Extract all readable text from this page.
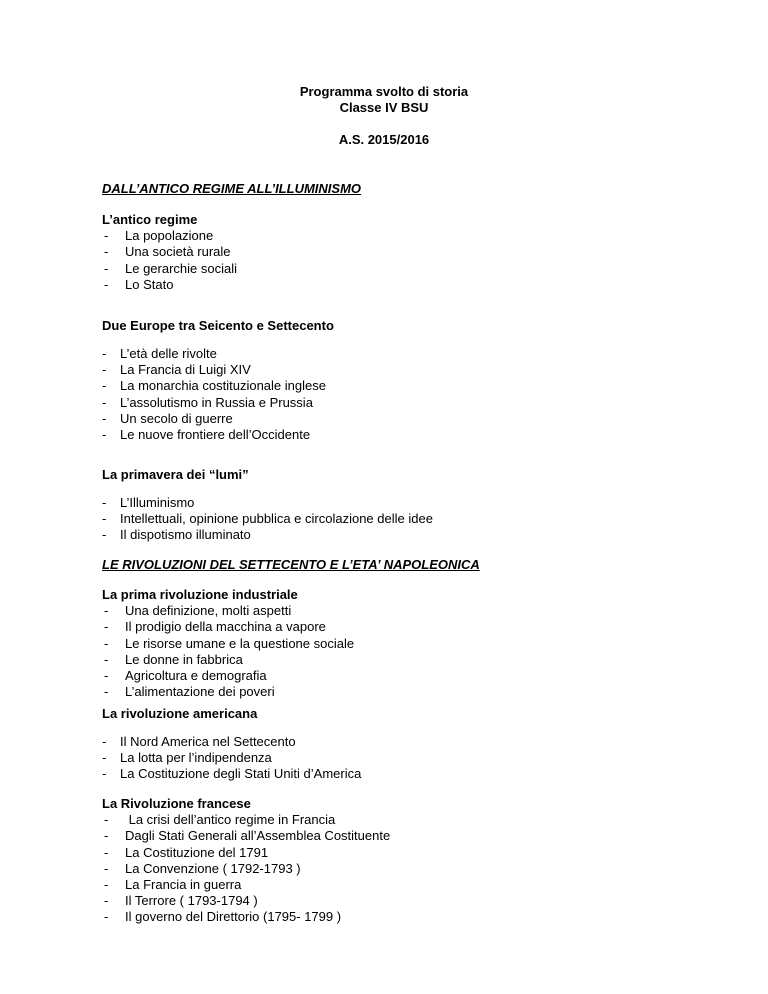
Programma svolto di storia
Classe IV BSU
A.S. 2015/2016
DALL’ANTICO REGIME ALL’ILLUMINISMO
L’antico regime
- La popolazione
- Una società rurale
- Le gerarchie sociali
- Lo Stato
Due Europe tra Seicento e Settecento
- L’età delle rivolte
- La Francia di Luigi XIV
- La monarchia costituzionale inglese
- L’assolutismo in Russia e Prussia
- Un secolo di guerre
- Le nuove frontiere dell’Occidente
La primavera dei “lumi”
- L’Illuminismo
- Intellettuali, opinione pubblica e circolazione delle idee
- Il dispotismo illuminato
LE RIVOLUZIONI DEL SETTECENTO E L’ETA’ NAPOLEONICA
La prima rivoluzione industriale
- Una definizione, molti aspetti
- Il prodigio della macchina a vapore
- Le risorse umane e la questione sociale
- Le donne in fabbrica
- Agricoltura e demografia
- L’alimentazione dei poveri
La rivoluzione americana
- Il Nord America nel Settecento
- La lotta per l’indipendenza
- La Costituzione degli Stati Uniti d’America
La Rivoluzione francese
- La crisi dell’antico regime in Francia
- Dagli Stati Generali all’Assemblea Costituente
- La Costituzione del 1791
- La Convenzione ( 1792-1793 )
- La Francia in guerra
- Il Terrore ( 1793-1794 )
- Il governo del Direttorio (1795- 1799 )
